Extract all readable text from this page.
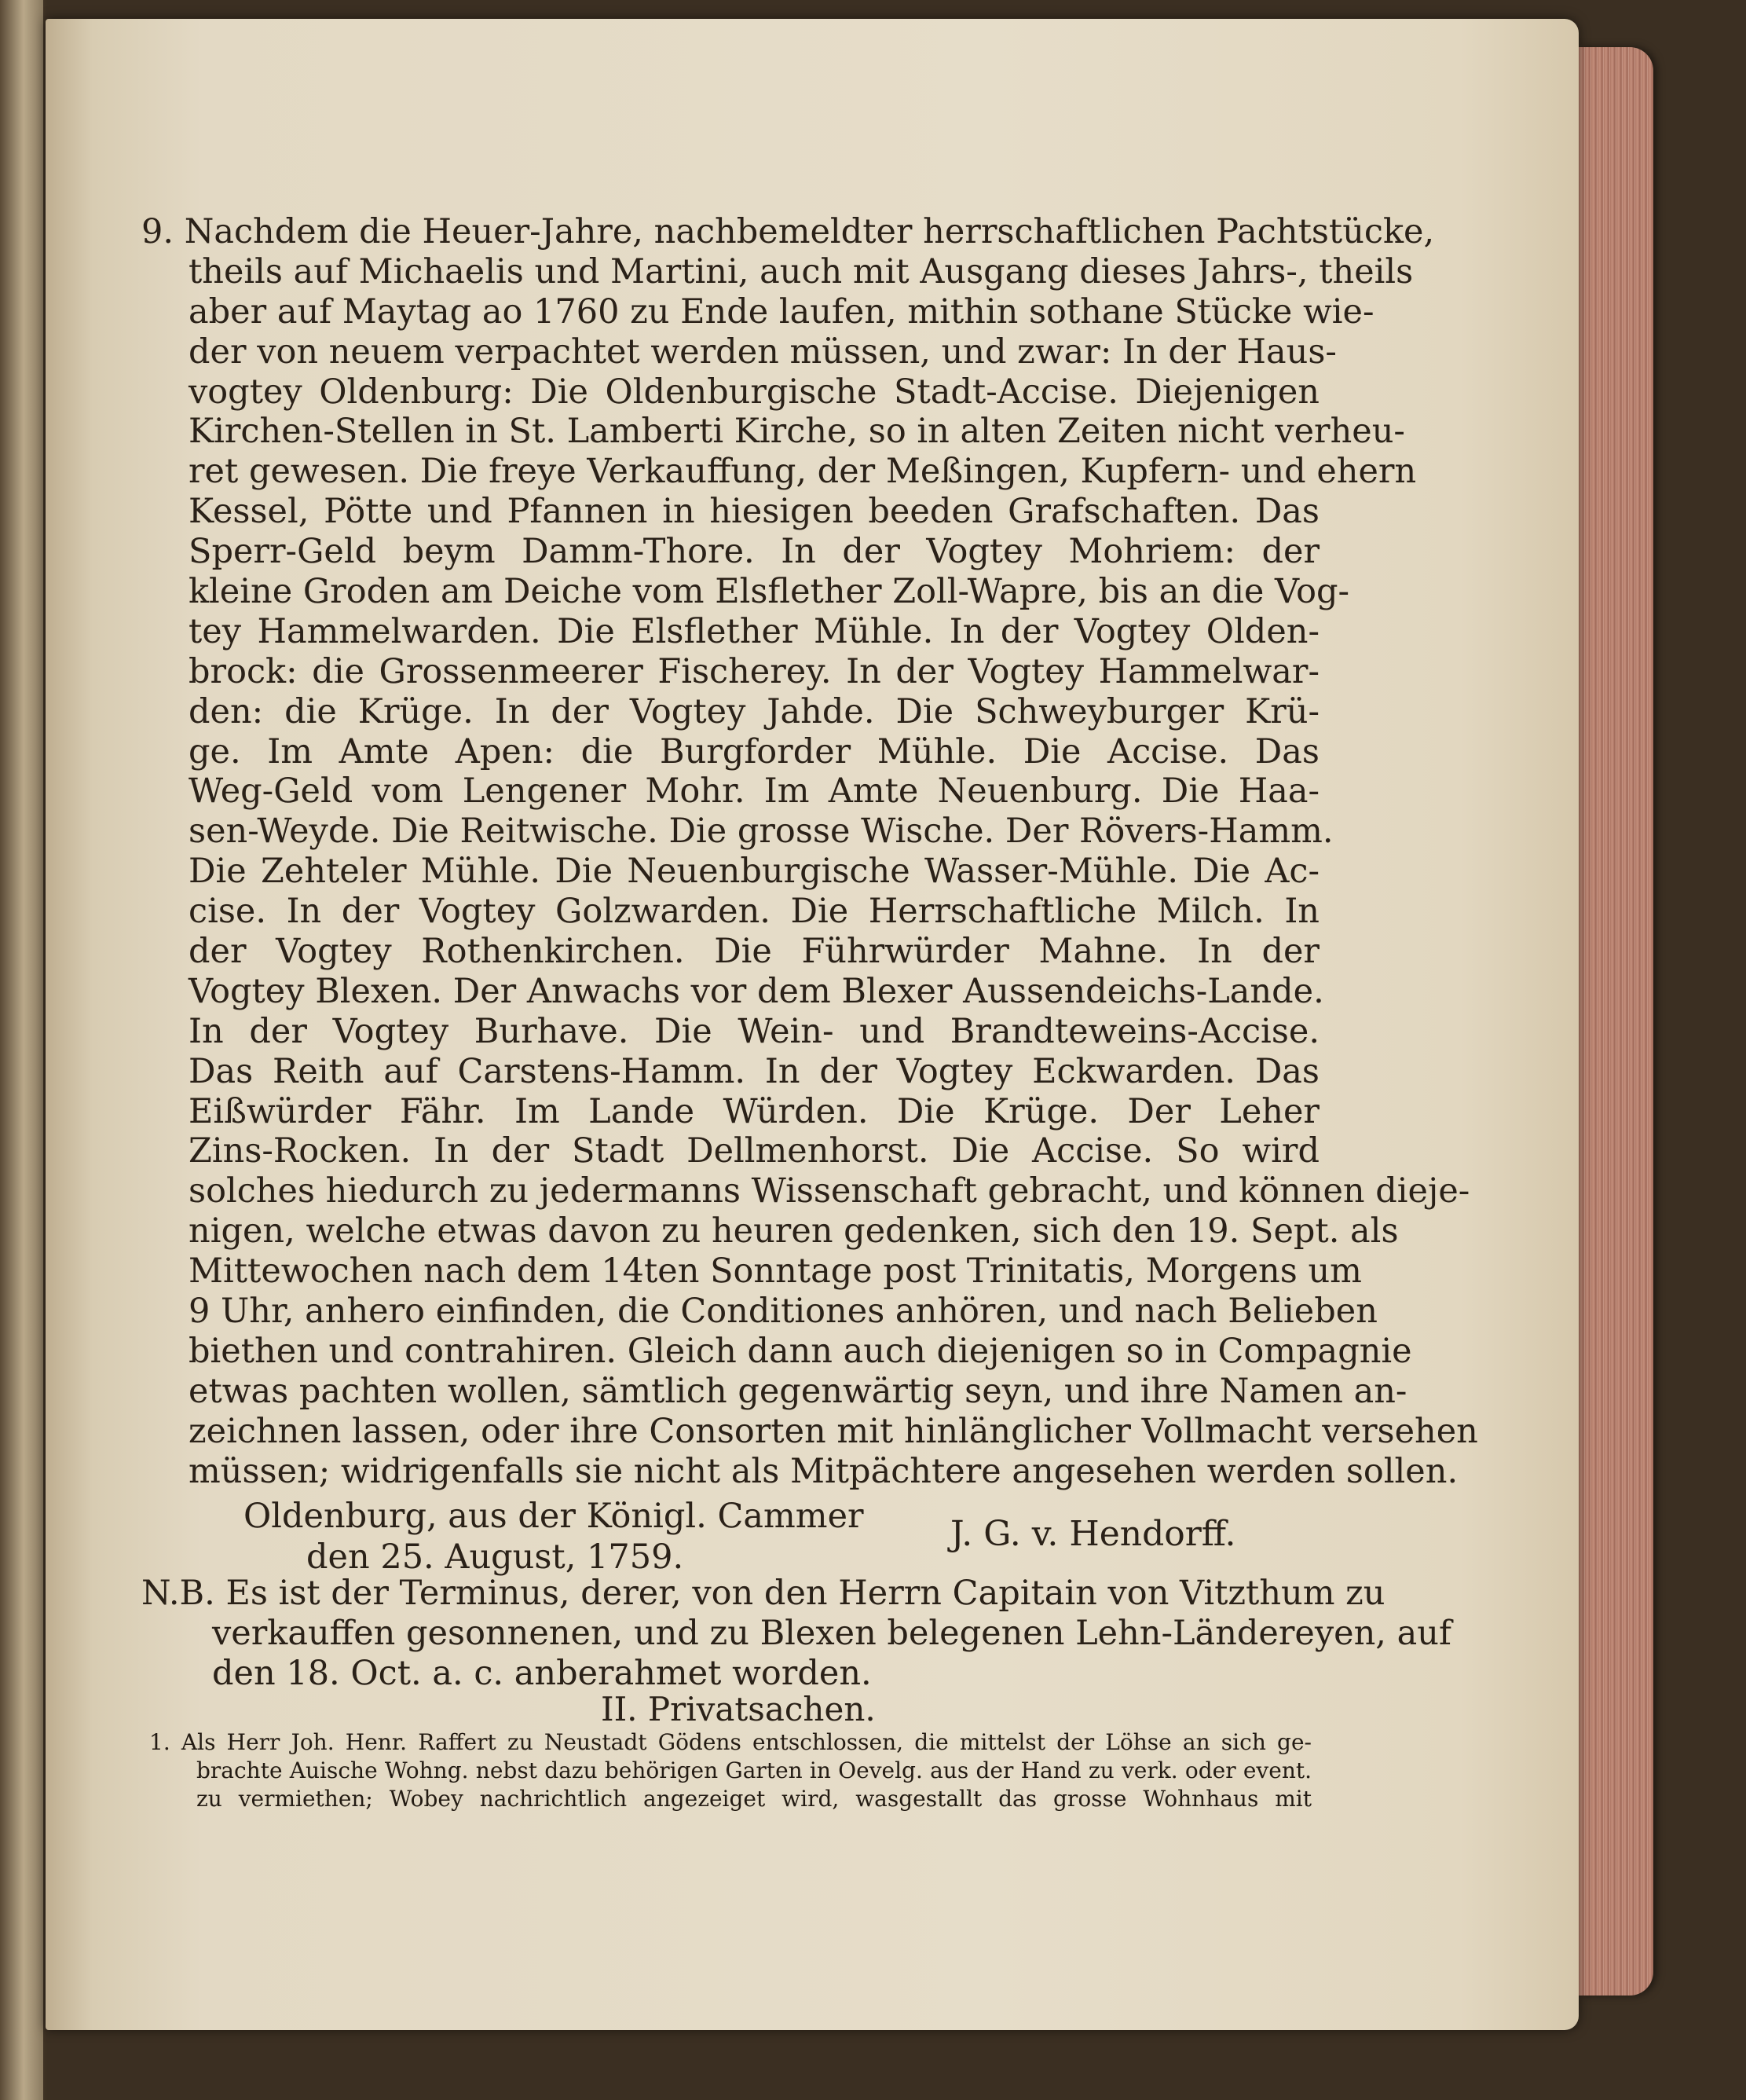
9. Nachdem die Heuer-Jahre, nachbemeldter herrschaftlichen Pachtstücke,
theils auf Michaelis und Martini, auch mit Ausgang dieses Jahrs-, theils
aber auf Maytag ao 1760 zu Ende laufen, mithin sothane Stücke wie-
der von neuem verpachtet werden müssen, und zwar: In der Haus-
vogtey Oldenburg: Die Oldenburgische Stadt-Accise. Diejenigen
Kirchen-Stellen in St. Lamberti Kirche, so in alten Zeiten nicht verheu-
ret gewesen. Die freye Verkauffung, der Meßingen, Kupfern- und ehern
Kessel, Pötte und Pfannen in hiesigen beeden Grafschaften. Das
Sperr-Geld beym Damm-Thore. In der Vogtey Mohriem: der
kleine Groden am Deiche vom Elsflether Zoll-Wapre, bis an die Vog-
tey Hammelwarden. Die Elsflether Mühle. In der Vogtey Olden-
brock: die Grossenmeerer Fischerey. In der Vogtey Hammelwar-
den: die Krüge. In der Vogtey Jahde. Die Schweyburger Krü-
ge. Im Amte Apen: die Burgforder Mühle. Die Accise. Das
Weg-Geld vom Lengener Mohr. Im Amte Neuenburg. Die Haa-
sen-Weyde. Die Reitwische. Die grosse Wische. Der Rövers-Hamm.
Die Zehteler Mühle. Die Neuenburgische Wasser-Mühle. Die Ac-
cise. In der Vogtey Golzwarden. Die Herrschaftliche Milch. In
der Vogtey Rothenkirchen. Die Führwürder Mahne. In der
Vogtey Blexen. Der Anwachs vor dem Blexer Aussendeichs-Lande.
In der Vogtey Burhave. Die Wein- und Brandteweins-Accise.
Das Reith auf Carstens-Hamm. In der Vogtey Eckwarden. Das
Eißwürder Fähr. Im Lande Würden. Die Krüge. Der Leher
Zins-Rocken. In der Stadt Dellmenhorst. Die Accise. So wird
solches hiedurch zu jedermanns Wissenschaft gebracht, und können dieje-
nigen, welche etwas davon zu heuren gedenken, sich den 19. Sept. als
Mittewochen nach dem 14ten Sonntage post Trinitatis, Morgens um
9 Uhr, anhero einfinden, die Conditiones anhören, und nach Belieben
biethen und contrahiren. Gleich dann auch diejenigen so in Compagnie
etwas pachten wollen, sämtlich gegenwärtig seyn, und ihre Namen an-
zeichnen lassen, oder ihre Consorten mit hinlänglicher Vollmacht versehen
müssen; widrigenfalls sie nicht als Mitpächtere angesehen werden sollen.
Oldenburg, aus der Königl. Cammer
den 25. August, 1759.
J. G. v. Hendorff.
N.B. Es ist der Terminus, derer, von den Herrn Capitain von Vitzthum zu
verkauffen gesonnenen, und zu Blexen belegenen Lehn-Ländereyen, auf
den 18. Oct. a. c. anberahmet worden.
II. Privatsachen.
1. Als Herr Joh. Henr. Raffert zu Neustadt Gödens entschlossen, die mittelst der Löhse an sich ge-
brachte Auische Wohng. nebst dazu behörigen Garten in Oevelg. aus der Hand zu verk. oder event.
zu vermiethen; Wobey nachrichtlich angezeiget wird, wasgestallt das grosse Wohnhaus mit
